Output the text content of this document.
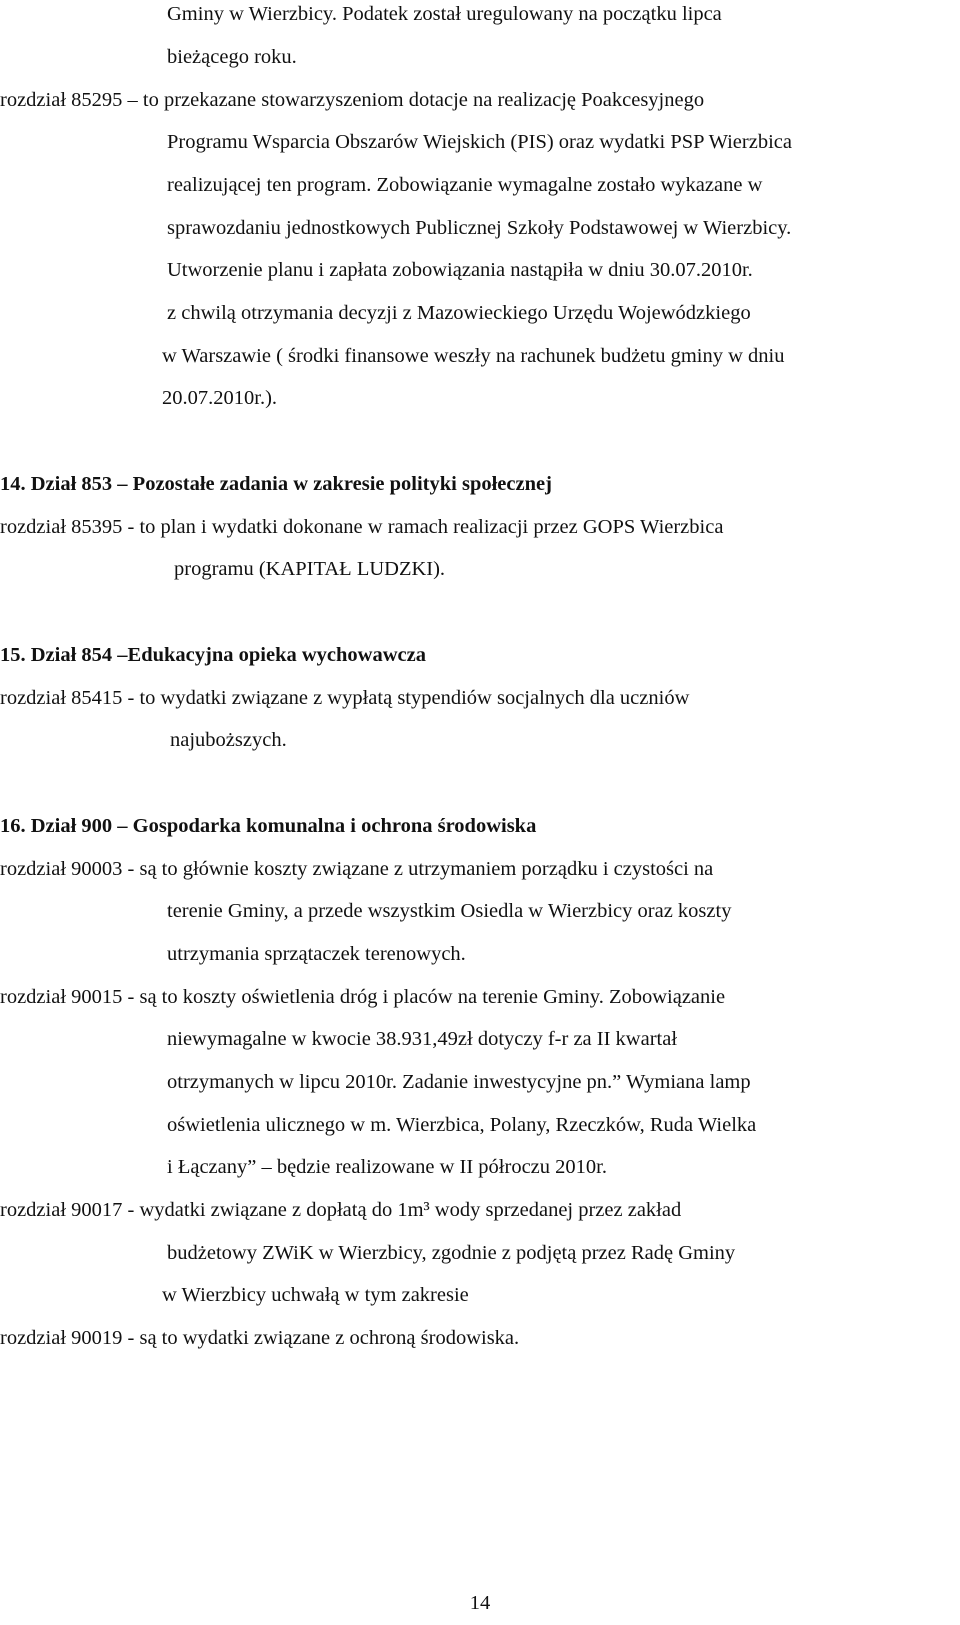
Gminy w Wierzbicy. Podatek został uregulowany na początku lipca
bieżącego roku.
rozdział 85295 – to przekazane stowarzyszeniom dotacje na realizację Poakcesyjnego
Programu Wsparcia Obszarów Wiejskich (PIS) oraz wydatki PSP Wierzbica
realizującej ten program. Zobowiązanie wymagalne zostało wykazane w
sprawozdaniu jednostkowych Publicznej Szkoły Podstawowej w Wierzbicy.
Utworzenie planu i zapłata zobowiązania nastąpiła w dniu 30.07.2010r.
z chwilą otrzymania decyzji z Mazowieckiego Urzędu Wojewódzkiego
w Warszawie ( środki finansowe weszły na rachunek budżetu gminy w dniu
20.07.2010r.).
14. Dział 853 – Pozostałe zadania w zakresie polityki społecznej
rozdział 85395 - to plan i wydatki dokonane w ramach realizacji przez GOPS Wierzbica
programu (KAPITAŁ LUDZKI).
15. Dział 854 –Edukacyjna opieka wychowawcza
rozdział 85415 - to wydatki związane z wypłatą stypendiów socjalnych dla uczniów
najuboższych.
16. Dział 900 – Gospodarka komunalna i ochrona środowiska
rozdział 90003 - są to głównie koszty związane z utrzymaniem porządku i czystości na
terenie Gminy, a przede wszystkim Osiedla w Wierzbicy oraz koszty
utrzymania sprzątaczek terenowych.
rozdział 90015 - są to koszty oświetlenia dróg i placów na terenie Gminy. Zobowiązanie
niewymagalne w kwocie 38.931,49zł dotyczy f-r za II kwartał
otrzymanych w lipcu 2010r. Zadanie inwestycyjne pn.” Wymiana lamp
oświetlenia ulicznego w m. Wierzbica, Polany, Rzeczków, Ruda Wielka
i Łączany” – będzie realizowane w II półroczu 2010r.
rozdział 90017 - wydatki związane z dopłatą do 1m³ wody sprzedanej przez zakład
budżetowy ZWiK w Wierzbicy, zgodnie z podjętą przez Radę Gminy
w Wierzbicy uchwałą w tym zakresie
rozdział 90019 - są to wydatki związane z ochroną środowiska.
14
